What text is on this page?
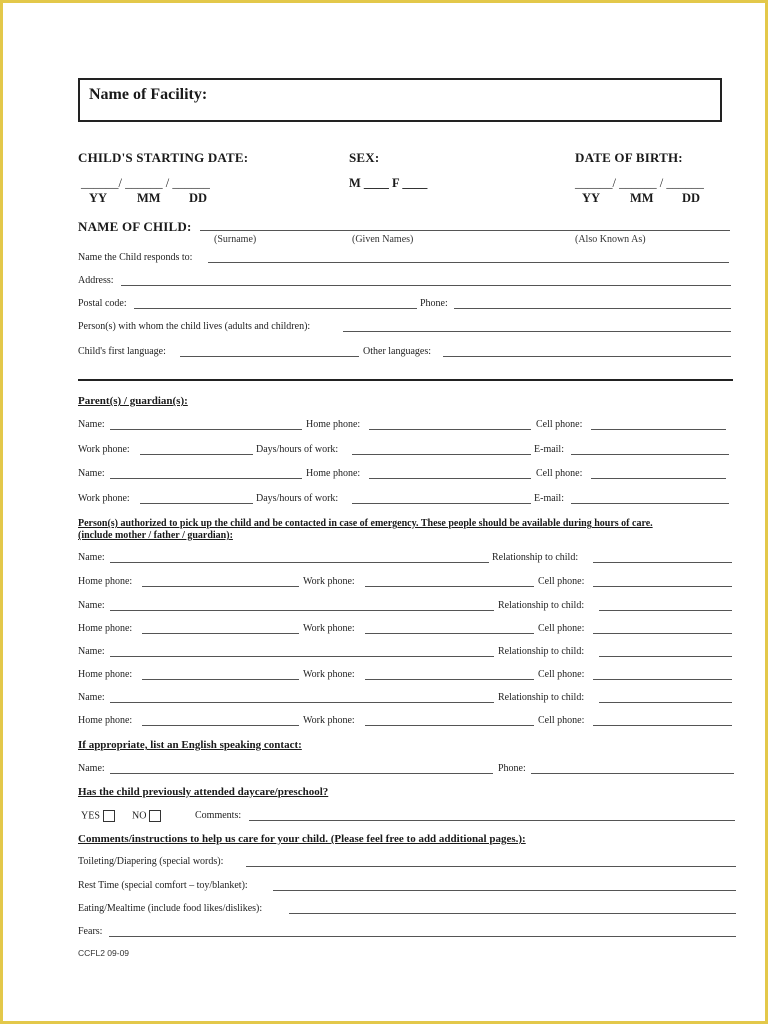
Name of Facility:
CHILD'S STARTING DATE:	SEX:	DATE OF BIRTH:
______/ ______ / ______	M ____ F ____	______/ ______ / ______
YY MM DD	YY MM DD
NAME OF CHILD:
(Surname)	(Given Names)	(Also Known As)
Name the Child responds to:
Address:
Postal code:	Phone:
Person(s) with whom the child lives (adults and children):
Child's first language:	Other languages:
Parent(s) / guardian(s):
Name:	Home phone:	Cell phone:
Work phone:	Days/hours of work:	E-mail:
Name:	Home phone:	Cell phone:
Work phone:	Days/hours of work:	E-mail:
Person(s) authorized to pick up the child and be contacted in case of emergency. These people should be available during hours of care.
(include mother / father / guardian):
Name:	Relationship to child:
Home phone:	Work phone:	Cell phone:
Name:	Relationship to child:
Home phone:	Work phone:	Cell phone:
Name:	Relationship to child:
Home phone:	Work phone:	Cell phone:
Name:	Relationship to child:
Home phone:	Work phone:	Cell phone:
If appropriate, list an English speaking contact:
Name:	Phone:
Has the child previously attended daycare/preschool?
YES	NO	Comments:
Comments/instructions to help us care for your child. (Please feel free to add additional pages.):
Toileting/Diapering (special words):
Rest Time (special comfort – toy/blanket):
Eating/Mealtime (include food likes/dislikes):
Fears:
CCFL2 09-09
